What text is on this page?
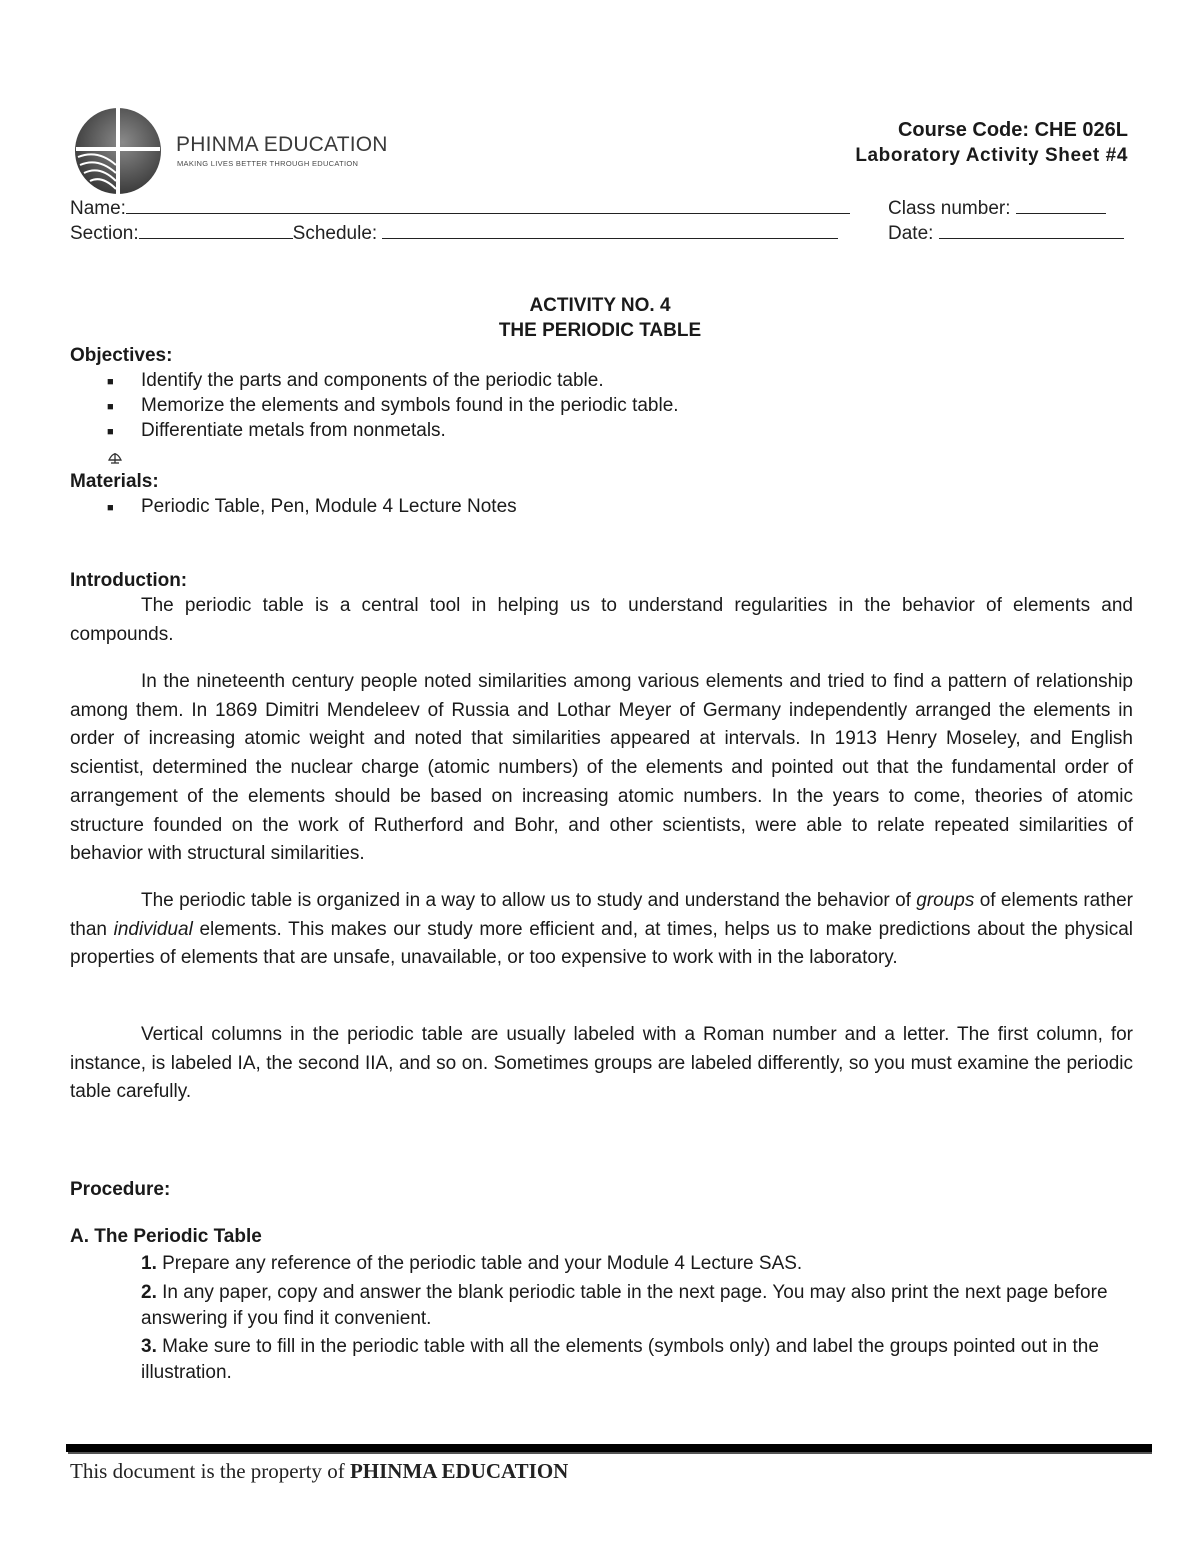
PHINMA EDUCATION
MAKING LIVES BETTER THROUGH EDUCATION
Course Code: CHE 026L
Laboratory Activity Sheet #4
Name:	Class number:
Section:	Schedule:	Date:
ACTIVITY NO. 4
THE PERIODIC TABLE
Objectives:
■ Identify the parts and components of the periodic table.
■ Memorize the elements and symbols found in the periodic table.
■ Differentiate metals from nonmetals.
Materials:
■ Periodic Table, Pen, Module 4 Lecture Notes
Introduction:
The periodic table is a central tool in helping us to understand regularities in the behavior of elements and compounds.
In the nineteenth century people noted similarities among various elements and tried to find a pattern of relationship among them. In 1869 Dimitri Mendeleev of Russia and Lothar Meyer of Germany independently arranged the elements in order of increasing atomic weight and noted that similarities appeared at intervals. In 1913 Henry Moseley, and English scientist, determined the nuclear charge (atomic numbers) of the elements and pointed out that the fundamental order of arrangement of the elements should be based on increasing atomic numbers. In the years to come, theories of atomic structure founded on the work of Rutherford and Bohr, and other scientists, were able to relate repeated similarities of behavior with structural similarities.
The periodic table is organized in a way to allow us to study and understand the behavior of groups of elements rather than individual elements. This makes our study more efficient and, at times, helps us to make predictions about the physical properties of elements that are unsafe, unavailable, or too expensive to work with in the laboratory.
Vertical columns in the periodic table are usually labeled with a Roman number and a letter. The first column, for instance, is labeled IA, the second IIA, and so on. Sometimes groups are labeled differently, so you must examine the periodic table carefully.
Procedure:
A. The Periodic Table
1. Prepare any reference of the periodic table and your Module 4 Lecture SAS.
2. In any paper, copy and answer the blank periodic table in the next page. You may also print the next page before answering if you find it convenient.
3. Make sure to fill in the periodic table with all the elements (symbols only) and label the groups pointed out in the illustration.
This document is the property of PHINMA EDUCATION
